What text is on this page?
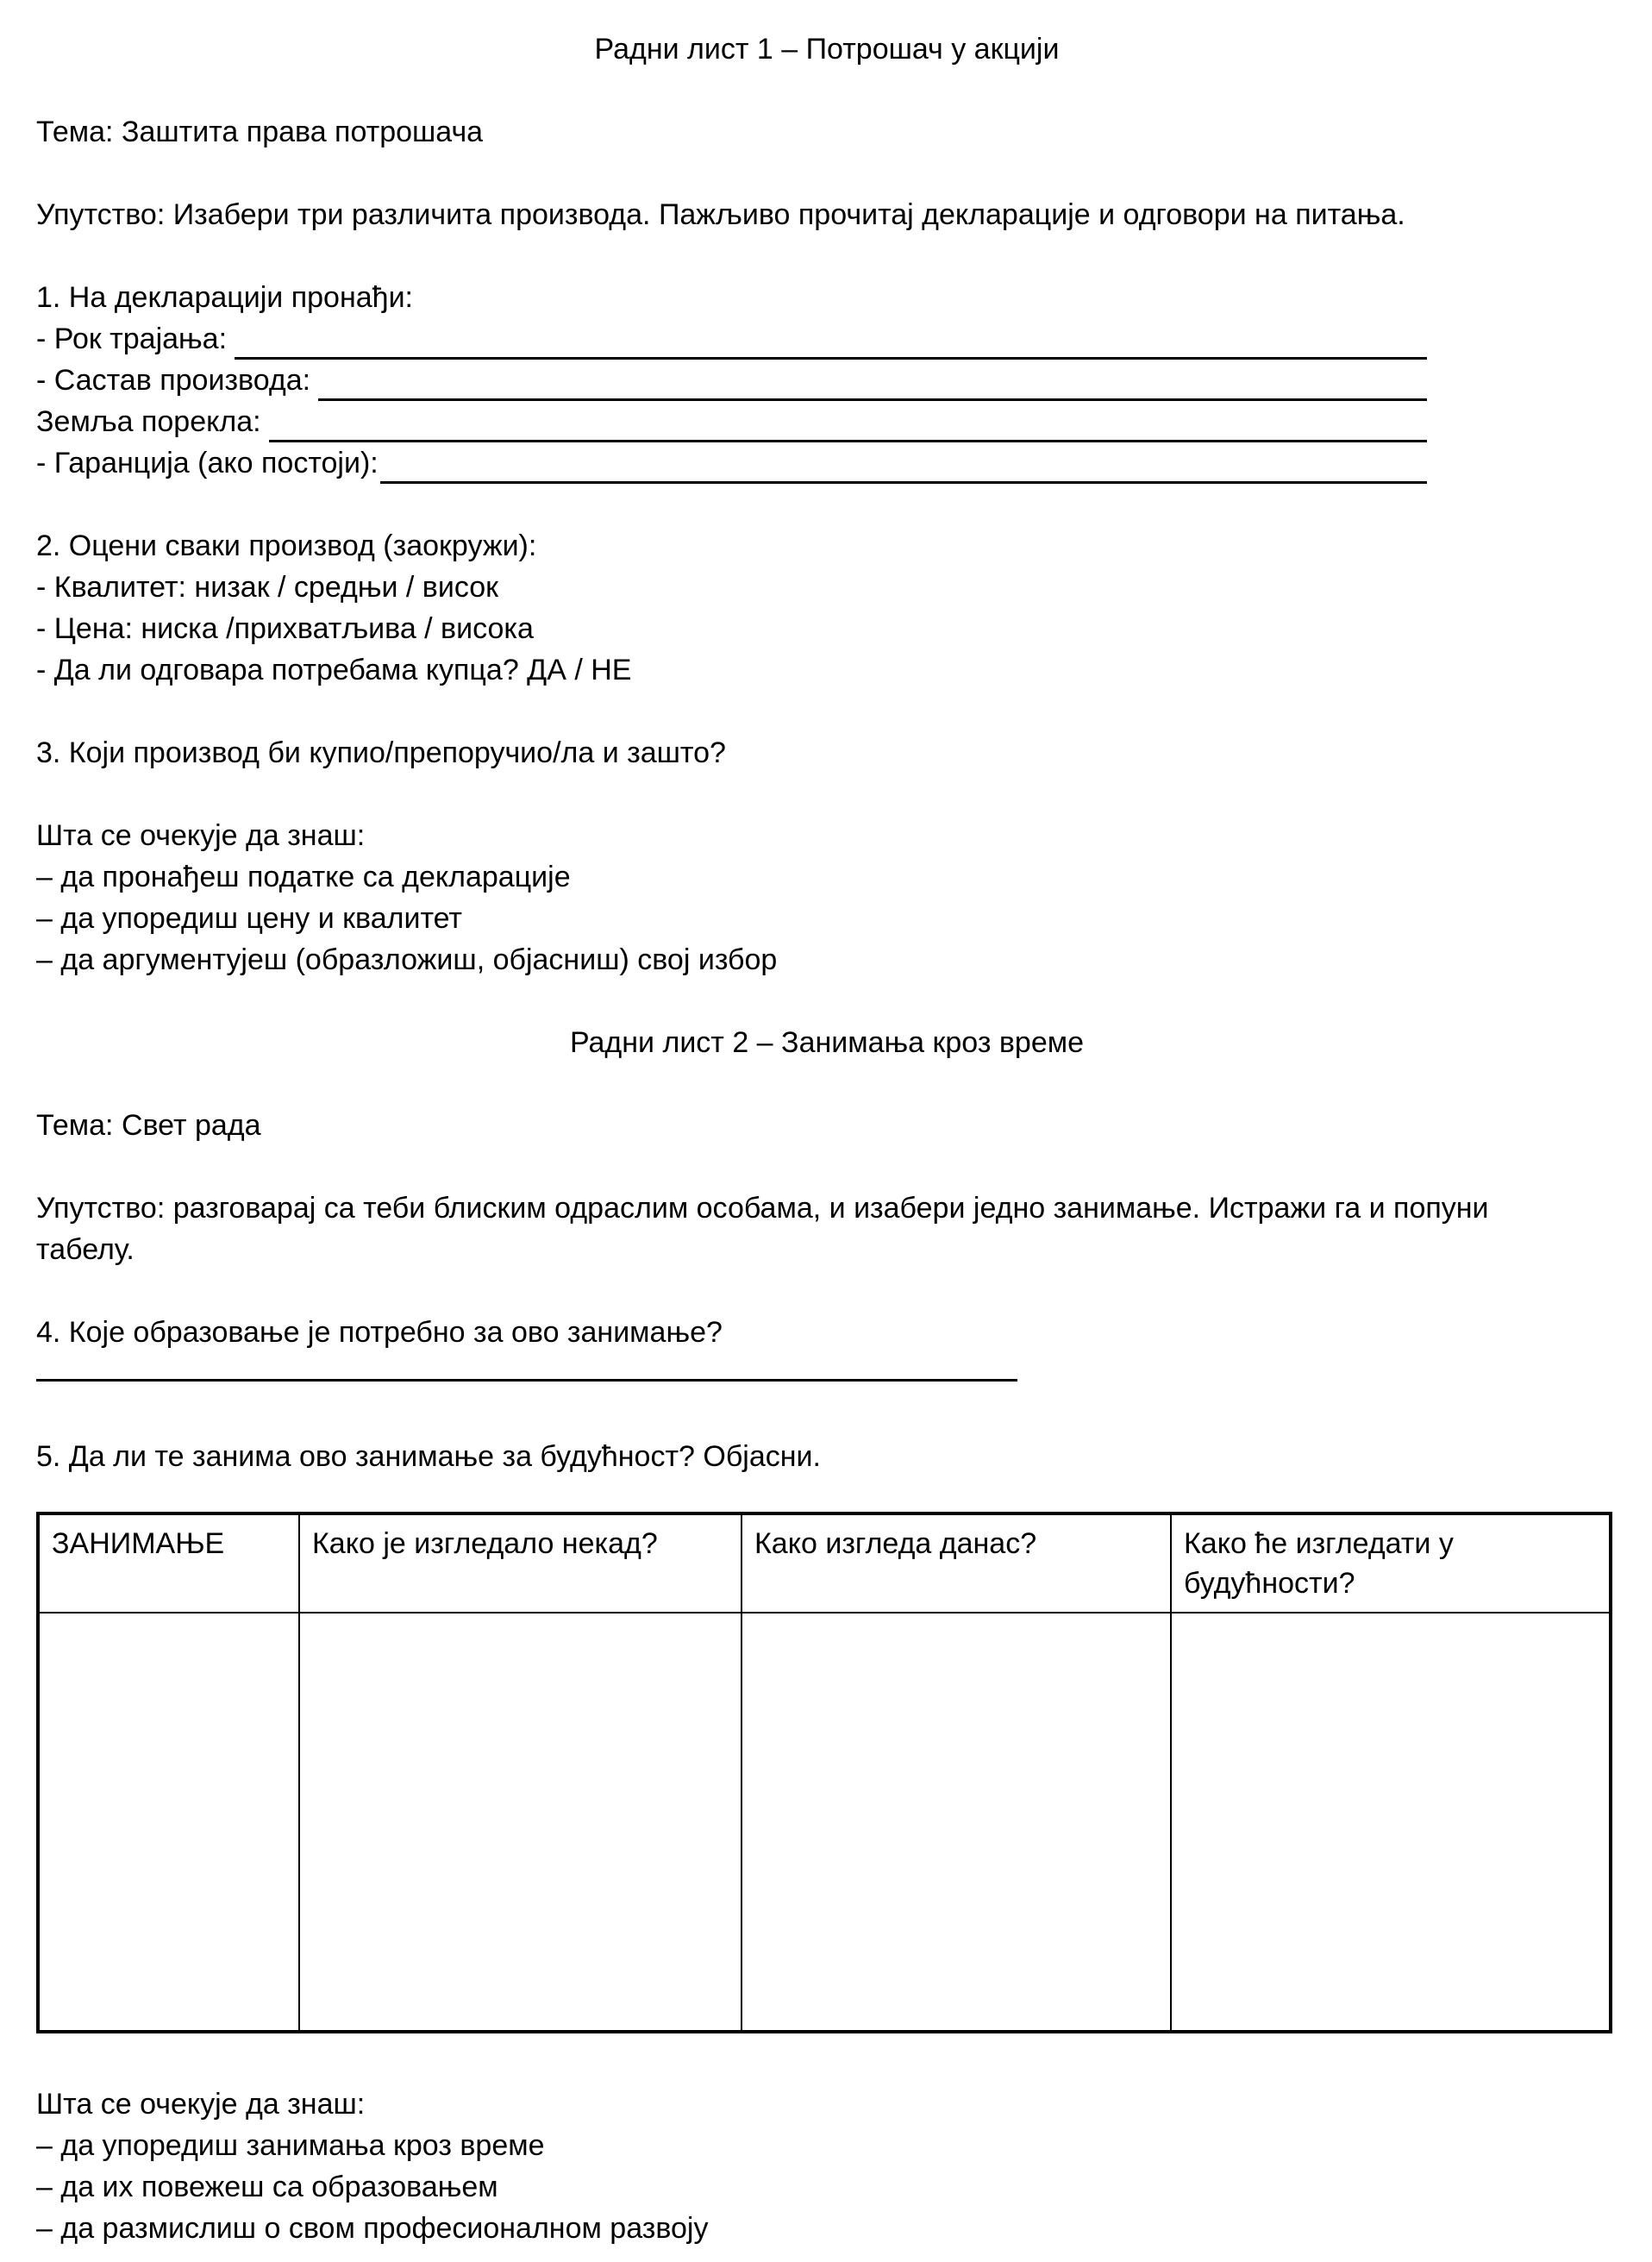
Радни лист 1 – Потрошач у акцији
Тема: Заштита права потрошача
Упутство: Изабери три различита производа. Пажљиво прочитај декларације и одговори на питања.
1. На декларацији пронађи:
- Рок трајања:
- Састав производа:
Земља порекла:
- Гаранција (ако постоји):
2. Оцени сваки производ (заокружи):
- Квалитет: низак / средњи / висок
- Цена: ниска /прихватљива / висока
- Да ли одговара потребама купца? ДА / НЕ
3. Који производ би купио/препоручио/ла и зашто?
Шта се очекује да знаш:
– да пронађеш податке са декларације
– да упоредиш цену и квалитет
– да аргументујеш (образложиш, објасниш) свој избор
Радни лист 2 – Занимања кроз време
Тема: Свет рада
Упутство: разговарај са теби блиским одраслим особама, и изабери једно занимање. Истражи га и попуни
табелу.
4. Које образовање је потребно за ово занимање?
5. Да ли те занима ово занимање за будућност? Објасни.
ЗАНИМАЊЕ	Како је изгледало некад?	Како изгледа данас?	Како ће изгледати у будућности?

Шта се очекује да знаш:
– да упоредиш занимања кроз време
– да их повежеш са образовањем
– да размислиш о свом професионалном развоју
